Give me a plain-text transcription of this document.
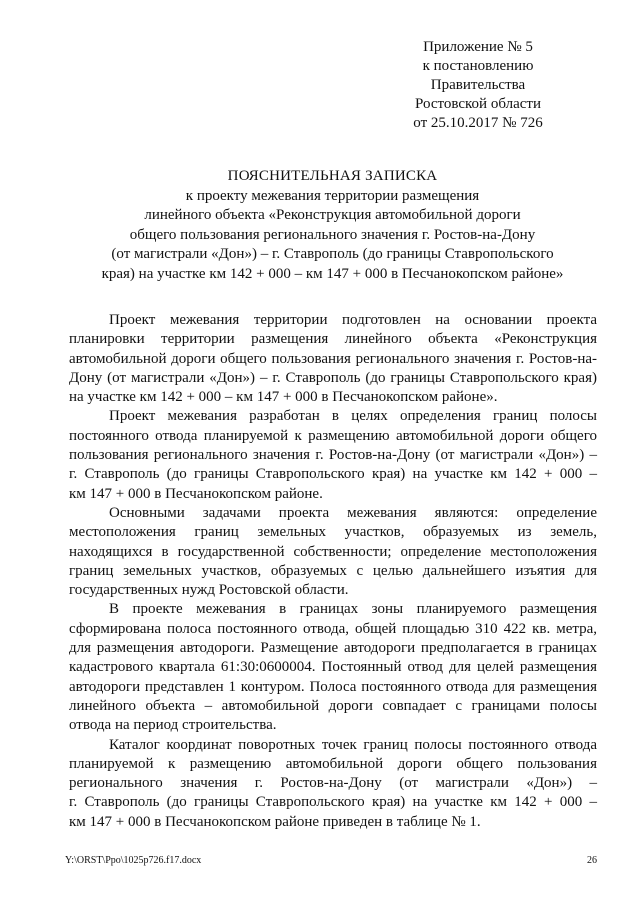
Приложение № 5
к постановлению
Правительства
Ростовской области
от 25.10.2017 № 726
ПОЯСНИТЕЛЬНАЯ ЗАПИСКА
к проекту межевания территории размещения
линейного объекта «Реконструкция автомобильной дороги
общего пользования регионального значения г. Ростов-на-Дону
(от магистрали «Дон») – г. Ставрополь (до границы Ставропольского
края) на участке км 142 + 000 – км 147 + 000 в Песчанокопском районе»
Проект межевания территории подготовлен на основании проекта
планировки территории размещения линейного объекта «Реконструкция
автомобильной дороги общего пользования регионального значения г. Ростов-на-
Дону (от магистрали «Дон») – г. Ставрополь (до границы Ставропольского края)
на участке км 142 + 000 – км 147 + 000 в Песчанокопском районе».
Проект межевания разработан в целях определения границ полосы
постоянного отвода планируемой к размещению автомобильной дороги общего
пользования регионального значения г. Ростов-на-Дону (от магистрали «Дон») –
г. Ставрополь (до границы Ставропольского края) на участке км 142 + 000 –
км 147 + 000 в Песчанокопском районе.
Основными задачами проекта межевания являются: определение
местоположения границ земельных участков, образуемых из земель,
находящихся в государственной собственности; определение местоположения
границ земельных участков, образуемых с целью дальнейшего изъятия для
государственных нужд Ростовской области.
В проекте межевания в границах зоны планируемого размещения
сформирована полоса постоянного отвода, общей площадью 310 422 кв. метра,
для размещения автодороги. Размещение автодороги предполагается в границах
кадастрового квартала 61:30:0600004. Постоянный отвод для целей размещения
автодороги представлен 1 контуром. Полоса постоянного отвода для размещения
линейного объекта – автомобильной дороги совпадает с границами полосы
отвода на период строительства.
Каталог координат поворотных точек границ полосы постоянного отвода
планируемой к размещению автомобильной дороги общего пользования
регионального значения г. Ростов-на-Дону (от магистрали «Дон») –
г. Ставрополь (до границы Ставропольского края) на участке км 142 + 000 –
км 147 + 000 в Песчанокопском районе приведен в таблице № 1.
Y:\ORST\Ppo\1025p726.f17.docx	26
